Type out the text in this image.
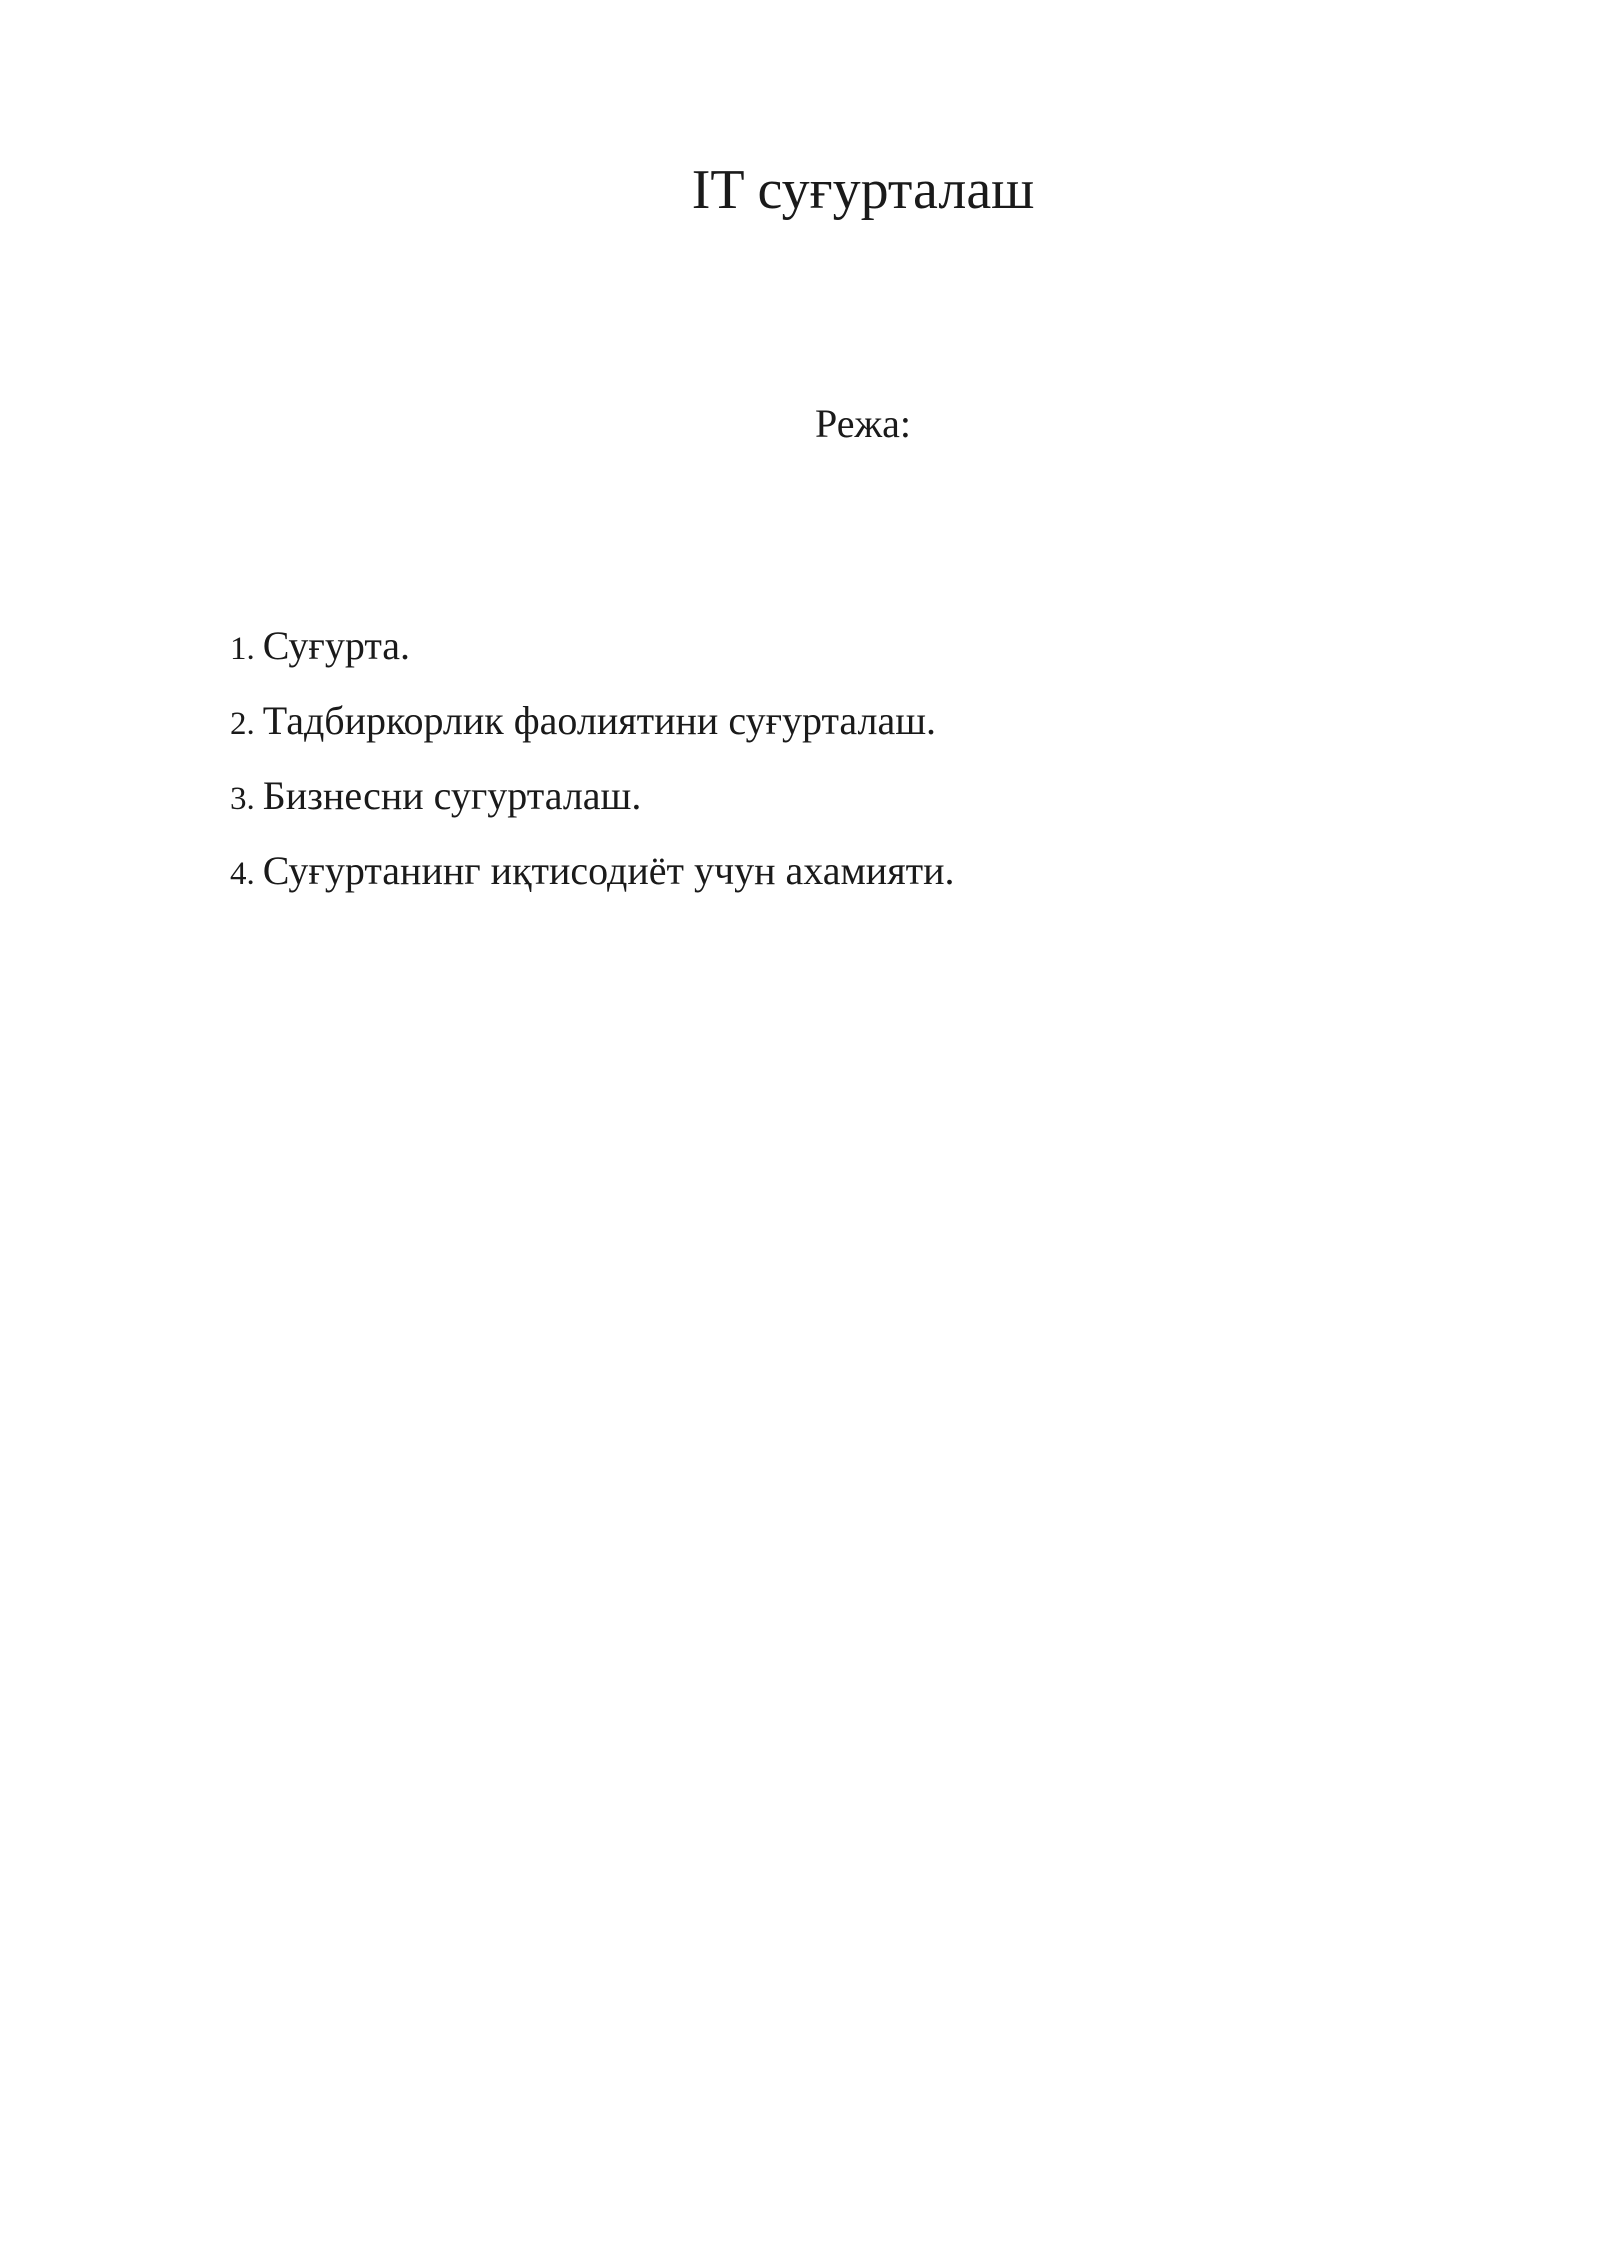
IT суғурталаш
Режа:
1. Суғурта.
2. Тадбиркорлик фаолиятини суғурталаш.
3. Бизнесни сугурталаш.
4. Суғуртанинг иқтисодиёт учун ахамияти.
